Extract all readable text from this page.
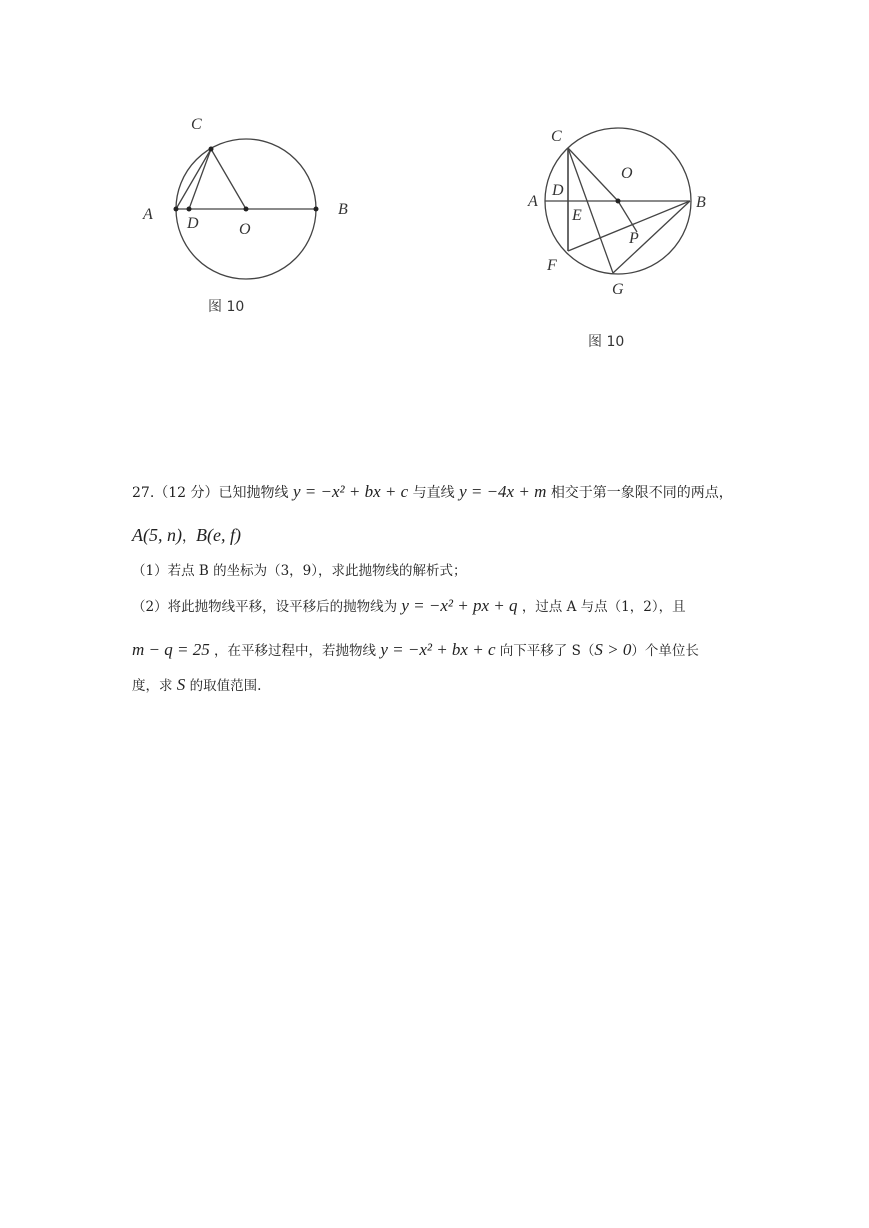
C
A
D	O
B
图 10
C
O
D
A
E
B
P
F
G
图 10
27.（12 分）已知抛物线 y = −x² + bx + c 与直线 y = −4x + m 相交于第一象限不同的两点，
A(5, n)，B(e, f)
（1）若点 B 的坐标为（3，9），求此抛物线的解析式；
（2）将此抛物线平移，设平移后的抛物线为 y = −x² + px + q ，过点 A 与点（1，2），且
m − q = 25 ，在平移过程中，若抛物线 y = −x² + bx + c 向下平移了 S（S > 0）个单位长
度，求 S 的取值范围.
